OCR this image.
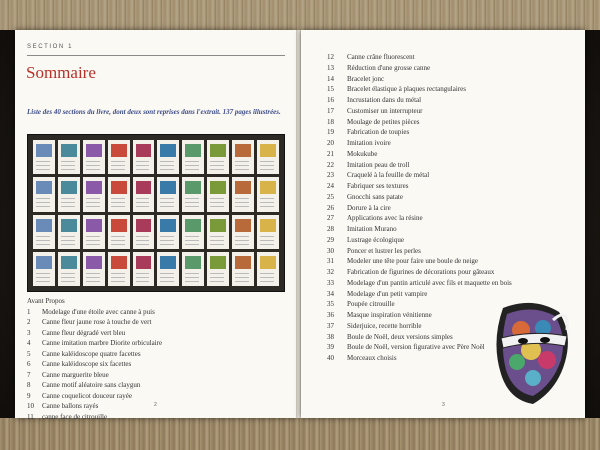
SECTION 1
Sommaire
Liste des 40 sections du livre, dont deux sont reprises dans l'extrait. 137 pages illustrées.
Avant Propos
1	Modelage d'une étoile avec canne à puis
2	Canne fleur jaune rose à touche de vert
3	Canne fleur dégradé vert bleu
4	Canne imitation marbre Diorite orbiculaire
5	Canne kaléidoscope quatre facettes
6	Canne kaléidoscope six facettes
7	Canne marguerite bleue
8	Canne motif aléatoire sans claygun
9	Canne coquelicot douceur rayée
10	Canne ballons rayés
11	canne face de citrouille
2
12	Canne crâne fluorescent
13	Réduction d'une grosse canne
14	Bracelet jonc
15	Bracelet élastique à plaques rectangulaires
16	Incrustation dans du métal
17	Customiser un interrupteur
18	Moulage de petites pièces
19	Fabrication de toupies
20	Imitation ivoire
21	Mokukube
22	Imitation peau de troll
23	Craquelé à la feuille de métal
24	Fabriquer ses textures
25	Gnocchi sans patate
26	Dorure à la cire
27	Applications avec la résine
28	Imitation Murano
29	Lustrage écologique
30	Poncer et lustrer les perles
31	Modeler une tête pour faire une boule de neige
32	Fabrication de figurines de décorations pour gâteaux
33	Modelage d'un pantin articulé avec fils et maquette en bois
34	Modelage d'un petit vampire
35	Poupée citrouille
36	Masque inspiration vénitienne
37	Siderjuice, recette horrible
38	Boule de Noël, deux versions simples
39	Boule de Noël, version figurative avec Père Noël
40	Morceaux choisis
3
